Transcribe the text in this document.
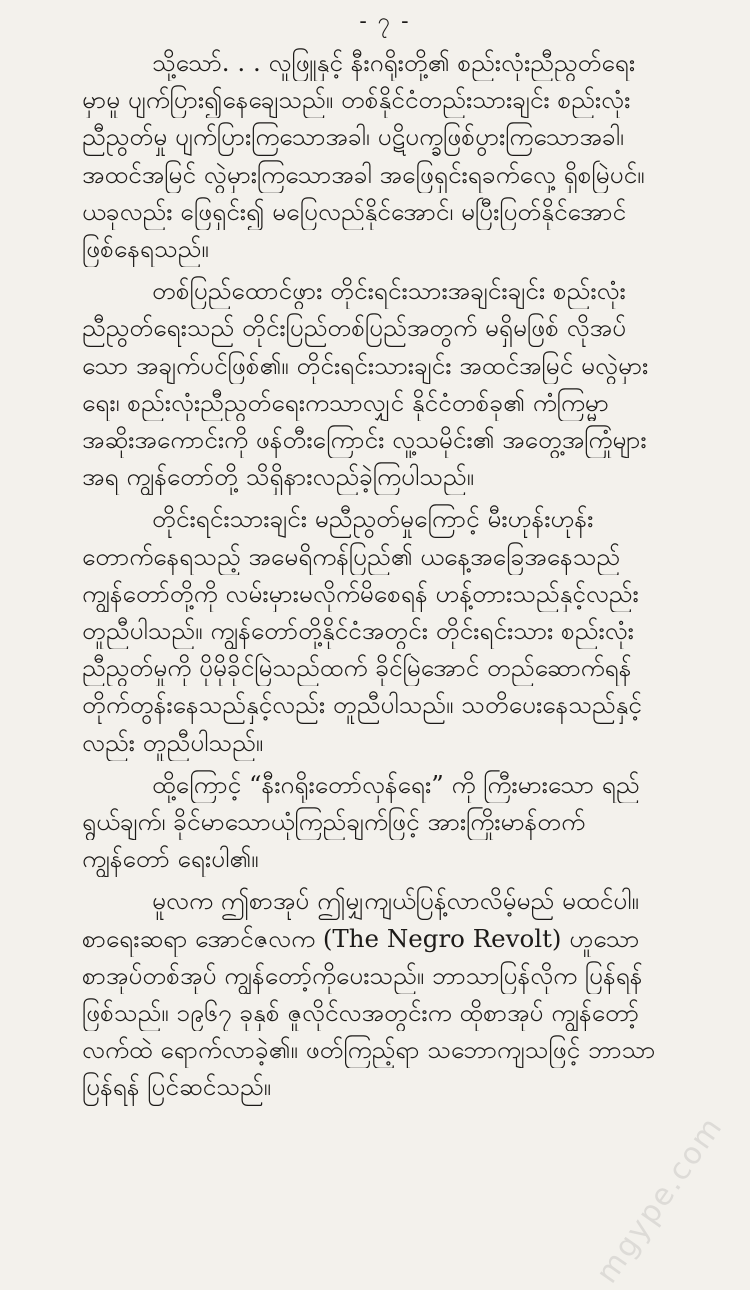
- ၇ -

သို့သော်. . . လူဖြူနှင့် နီးဂရိုးတို့၏ စည်းလုံးညီညွတ်ရေး
မှာမူ ပျက်ပြား၍နေချေသည်။ တစ်နိုင်ငံတည်းသားချင်း စည်းလုံး
ညီညွတ်မှု ပျက်ပြားကြသောအခါ၊ ပဋိပက္ခဖြစ်ပွားကြသောအခါ၊
အထင်အမြင် လွဲမှားကြသောအခါ အဖြေရှင်းရခက်လှေ့ ရှိစမြဲပင်။
ယခုလည်း ဖြေရှင်း၍ မပြေလည်နိုင်အောင်၊ မပြီးပြတ်နိုင်အောင်
ဖြစ်နေရသည်။

တစ်ပြည်ထောင်ဖွား တိုင်းရင်းသားအချင်းချင်း စည်းလုံး
ညီညွတ်ရေးသည် တိုင်းပြည်တစ်ပြည်အတွက် မရှိမဖြစ် လိုအပ်
သော အချက်ပင်ဖြစ်၏။ တိုင်းရင်းသားချင်း အထင်အမြင် မလွဲမှား
ရေး၊ စည်းလုံးညီညွတ်ရေးကသာလျှင် နိုင်ငံတစ်ခု၏ ကံကြမ္မာ
အဆိုးအကောင်းကို ဖန်တီးကြောင်း လူ့သမိုင်း၏ အတွေ့အကြုံများ
အရ ကျွန်တော်တို့ သိရှိနားလည်ခဲ့ကြပါသည်။

တိုင်းရင်းသားချင်း မညီညွတ်မှုကြောင့် မီးဟုန်းဟုန်း
တောက်နေရသည့် အမေရိကန်ပြည်၏ ယနေ့အခြေအနေသည်
ကျွန်တော်တို့ကို လမ်းမှားမလိုက်မိစေရန် ဟန့်တားသည်နှင့်လည်း
တူညီပါသည်။ ကျွန်တော်တို့နိုင်ငံအတွင်း တိုင်းရင်းသား စည်းလုံး
ညီညွတ်မှုကို ပိုမိုခိုင်မြဲသည်ထက် ခိုင်မြဲအောင် တည်ဆောက်ရန်
တိုက်တွန်းနေသည်နှင့်လည်း တူညီပါသည်။ သတိပေးနေသည်နှင့်
လည်း တူညီပါသည်။

ထို့ကြောင့် “နီးဂရိုးတော်လှန်ရေး” ကို ကြီးမားသော ရည်
ရွယ်ချက်၊ ခိုင်မာသောယုံကြည်ချက်ဖြင့် အားကြိုးမာန်တက်
ကျွန်တော် ရေးပါ၏။

မူလက ဤစာအုပ် ဤမျှကျယ်ပြန့်လာလိမ့်မည် မထင်ပါ။
စာရေးဆရာ အောင်ဇလက (The Negro Revolt) ဟူသော
စာအုပ်တစ်အုပ် ကျွန်တော့်ကိုပေးသည်။ ဘာသာပြန်လိုက ပြန်ရန်
ဖြစ်သည်။ ၁၉၆၇ ခုနှစ် ဇူလိုင်လအတွင်းက ထိုစာအုပ် ကျွန်တော့်
လက်ထဲ ရောက်လာခဲ့၏။ ဖတ်ကြည့်ရာ သဘောကျသဖြင့် ဘာသာ
ပြန်ရန် ပြင်ဆင်သည်။

mgype.com
